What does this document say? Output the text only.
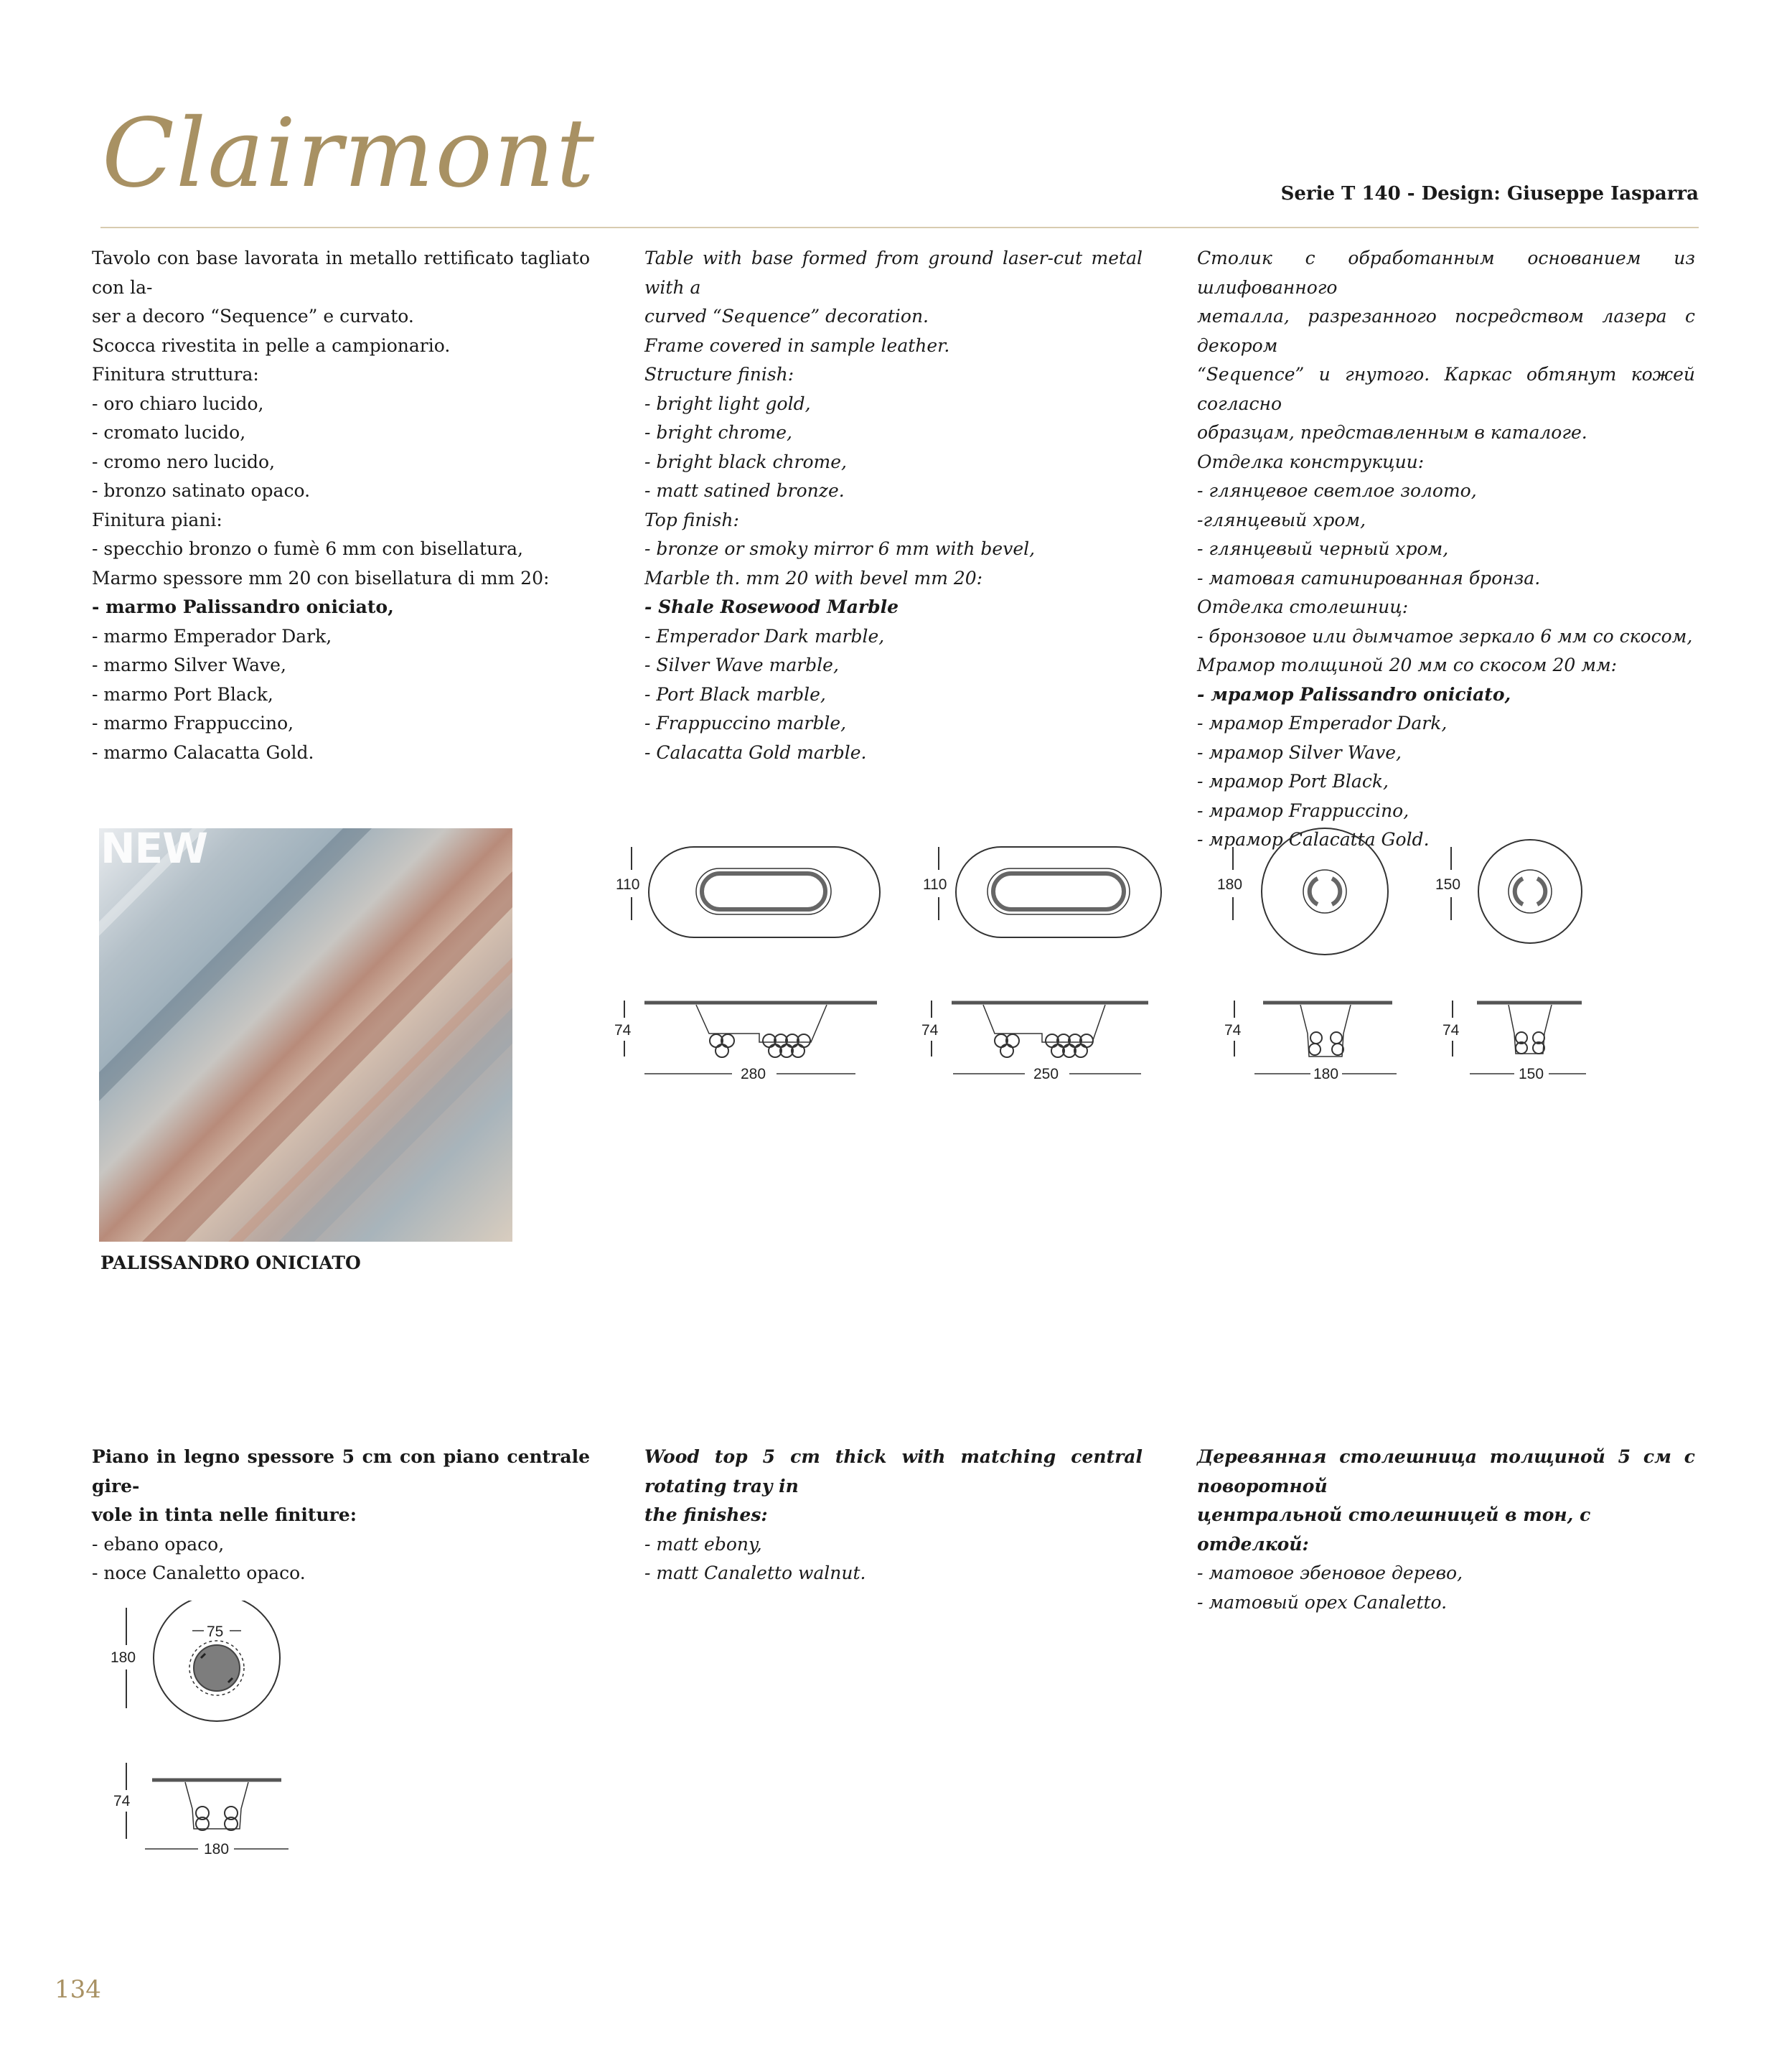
Clairmont	Serie T 140 - Design: Giuseppe Iasparra

Tavolo con base lavorata in metallo rettificato tagliato con la-

ser a decoro “Sequence” e curvato.

Scocca rivestita in pelle a campionario.

Finitura struttura:

- oro chiaro lucido,

- cromato lucido,

- cromo nero lucido,

- bronzo satinato opaco.

Finitura piani:

- specchio bronzo o fumè 6 mm con bisellatura,

Marmo spessore mm 20 con bisellatura di mm 20:

- marmo Palissandro oniciato,

- marmo Emperador Dark,

- marmo Silver Wave,

- marmo Port Black,

- marmo Frappuccino,

- marmo Calacatta Gold.

Table with base formed from ground laser-cut metal with a

curved “Sequence” decoration.

Frame covered in sample leather.

Structure finish:

- bright light gold,

- bright chrome,

- bright black chrome,

- matt satined bronze.

Top finish:

- bronze or smoky mirror 6 mm with bevel,

Marble th. mm 20 with bevel mm 20:

- Shale Rosewood Marble

- Emperador Dark marble,

- Silver Wave marble,

- Port Black marble,

- Frappuccino marble,

- Calacatta Gold marble.

Столик с обработанным основанием из шлифованного

металла, разрезанного посредством лазера с декором

“Sequence” и гнутого. Каркас обтянут кожей согласно

образцам, представленным в каталоге.

Отделка конструкции:

- глянцевое светлое золото,

-глянцевый хром,

- глянцевый черный хром,

- матовая сатинированная бронза.

Отделка столешниц:

- бронзовое или дымчатое зеркало 6 мм со скосом,

Мрамор толщиной 20 мм со скосом 20 мм:

- мрамор Palissandro oniciato,

- мрамор Emperador Dark,

- мрамор Silver Wave,

- мрамор Port Black,

- мрамор Frappuccino,

- мрамор Calacatta Gold.

NEW
PALISSANDRO ONICIATO
110
74
280
110
74
250
180
74
180
150
74
150

Piano in legno spessore 5 cm con piano centrale gire-

vole in tinta nelle finiture:

- ebano opaco,

- noce Canaletto opaco.

Wood top 5 cm thick with matching central rotating tray in

the finishes:

- matt ebony,

- matt Canaletto walnut.

Деревянная столешница толщиной 5 см с поворотной

центральной столешницей в тон, с отделкой:

- матовое эбеновое дерево,

- матовый орех Canaletto.

180
75
74
180
134
